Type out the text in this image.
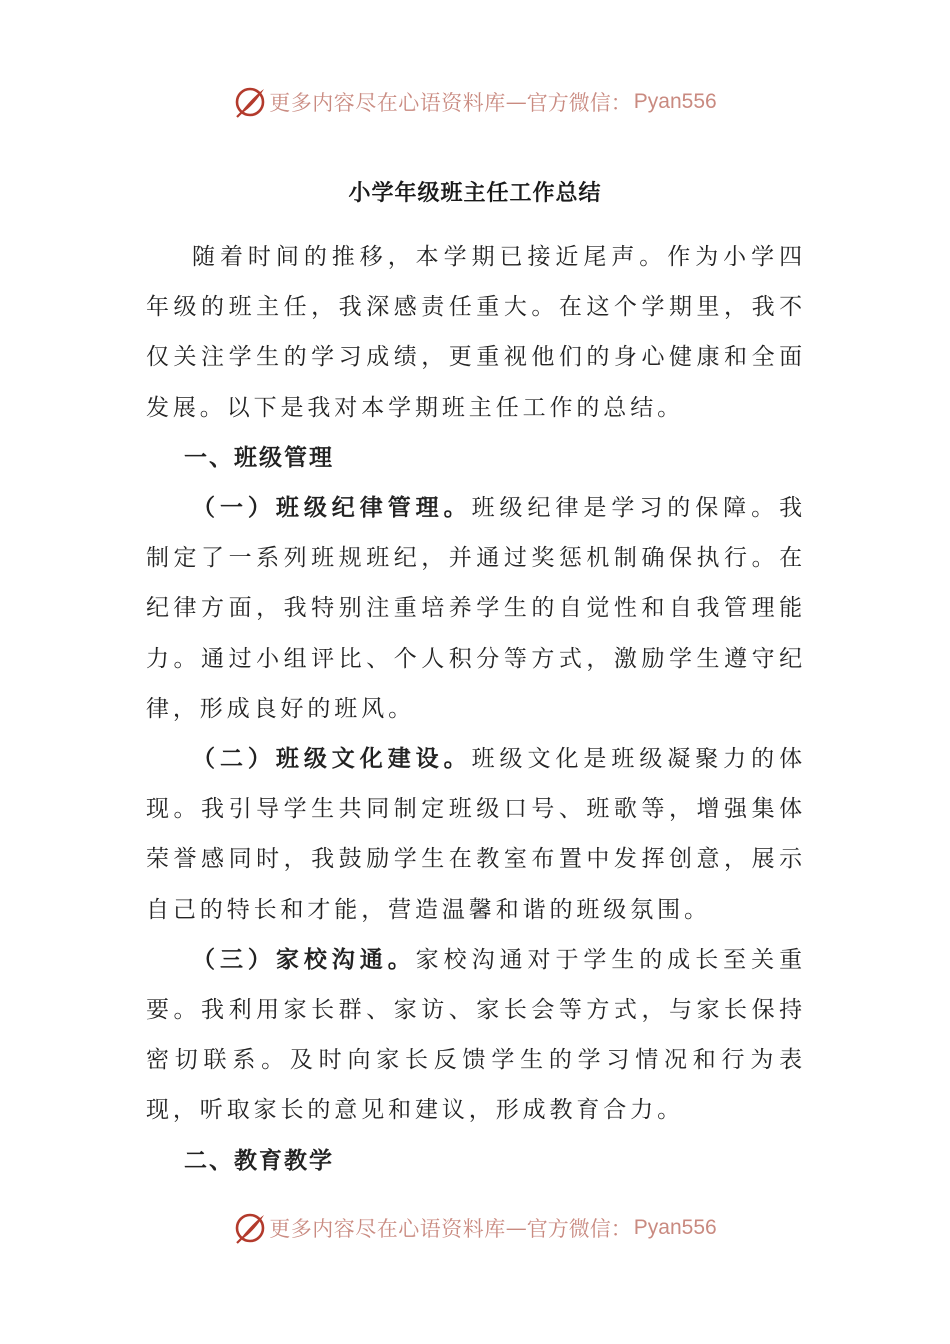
更多内容尽在心语资料库 — 官方微信： Pyan556
小学年级班主任工作总结

随着时间的推移，本学期已接近尾声。作为小学四年级的班主任，我深感责任重大。在这个学期里，我不仅关注学生的学习成绩，更重视他们的身心健康和全面发展。以下是我对本学期班主任工作的总结。

一、班级管理

（一）班级纪律管理。班级纪律是学习的保障。我制定了一系列班规班纪，并通过奖惩机制确保执行。在纪律方面，我特别注重培养学生的自觉性和自我管理能力。通过小组评比、个人积分等方式，激励学生遵守纪律，形成良好的班风。

（二）班级文化建设。班级文化是班级凝聚力的体现。我引导学生共同制定班级口号、班歌等，增强集体荣誉感同时，我鼓励学生在教室布置中发挥创意，展示自己的特长和才能，营造温馨和谐的班级氛围。

（三）家校沟通。家校沟通对于学生的成长至关重要。我利用家长群、家访、家长会等方式，与家长保持密切联系。及时向家长反馈学生的学习情况和行为表现，听取家长的意见和建议，形成教育合力。

二、教育教学

更多内容尽在心语资料库 — 官方微信： Pyan556
